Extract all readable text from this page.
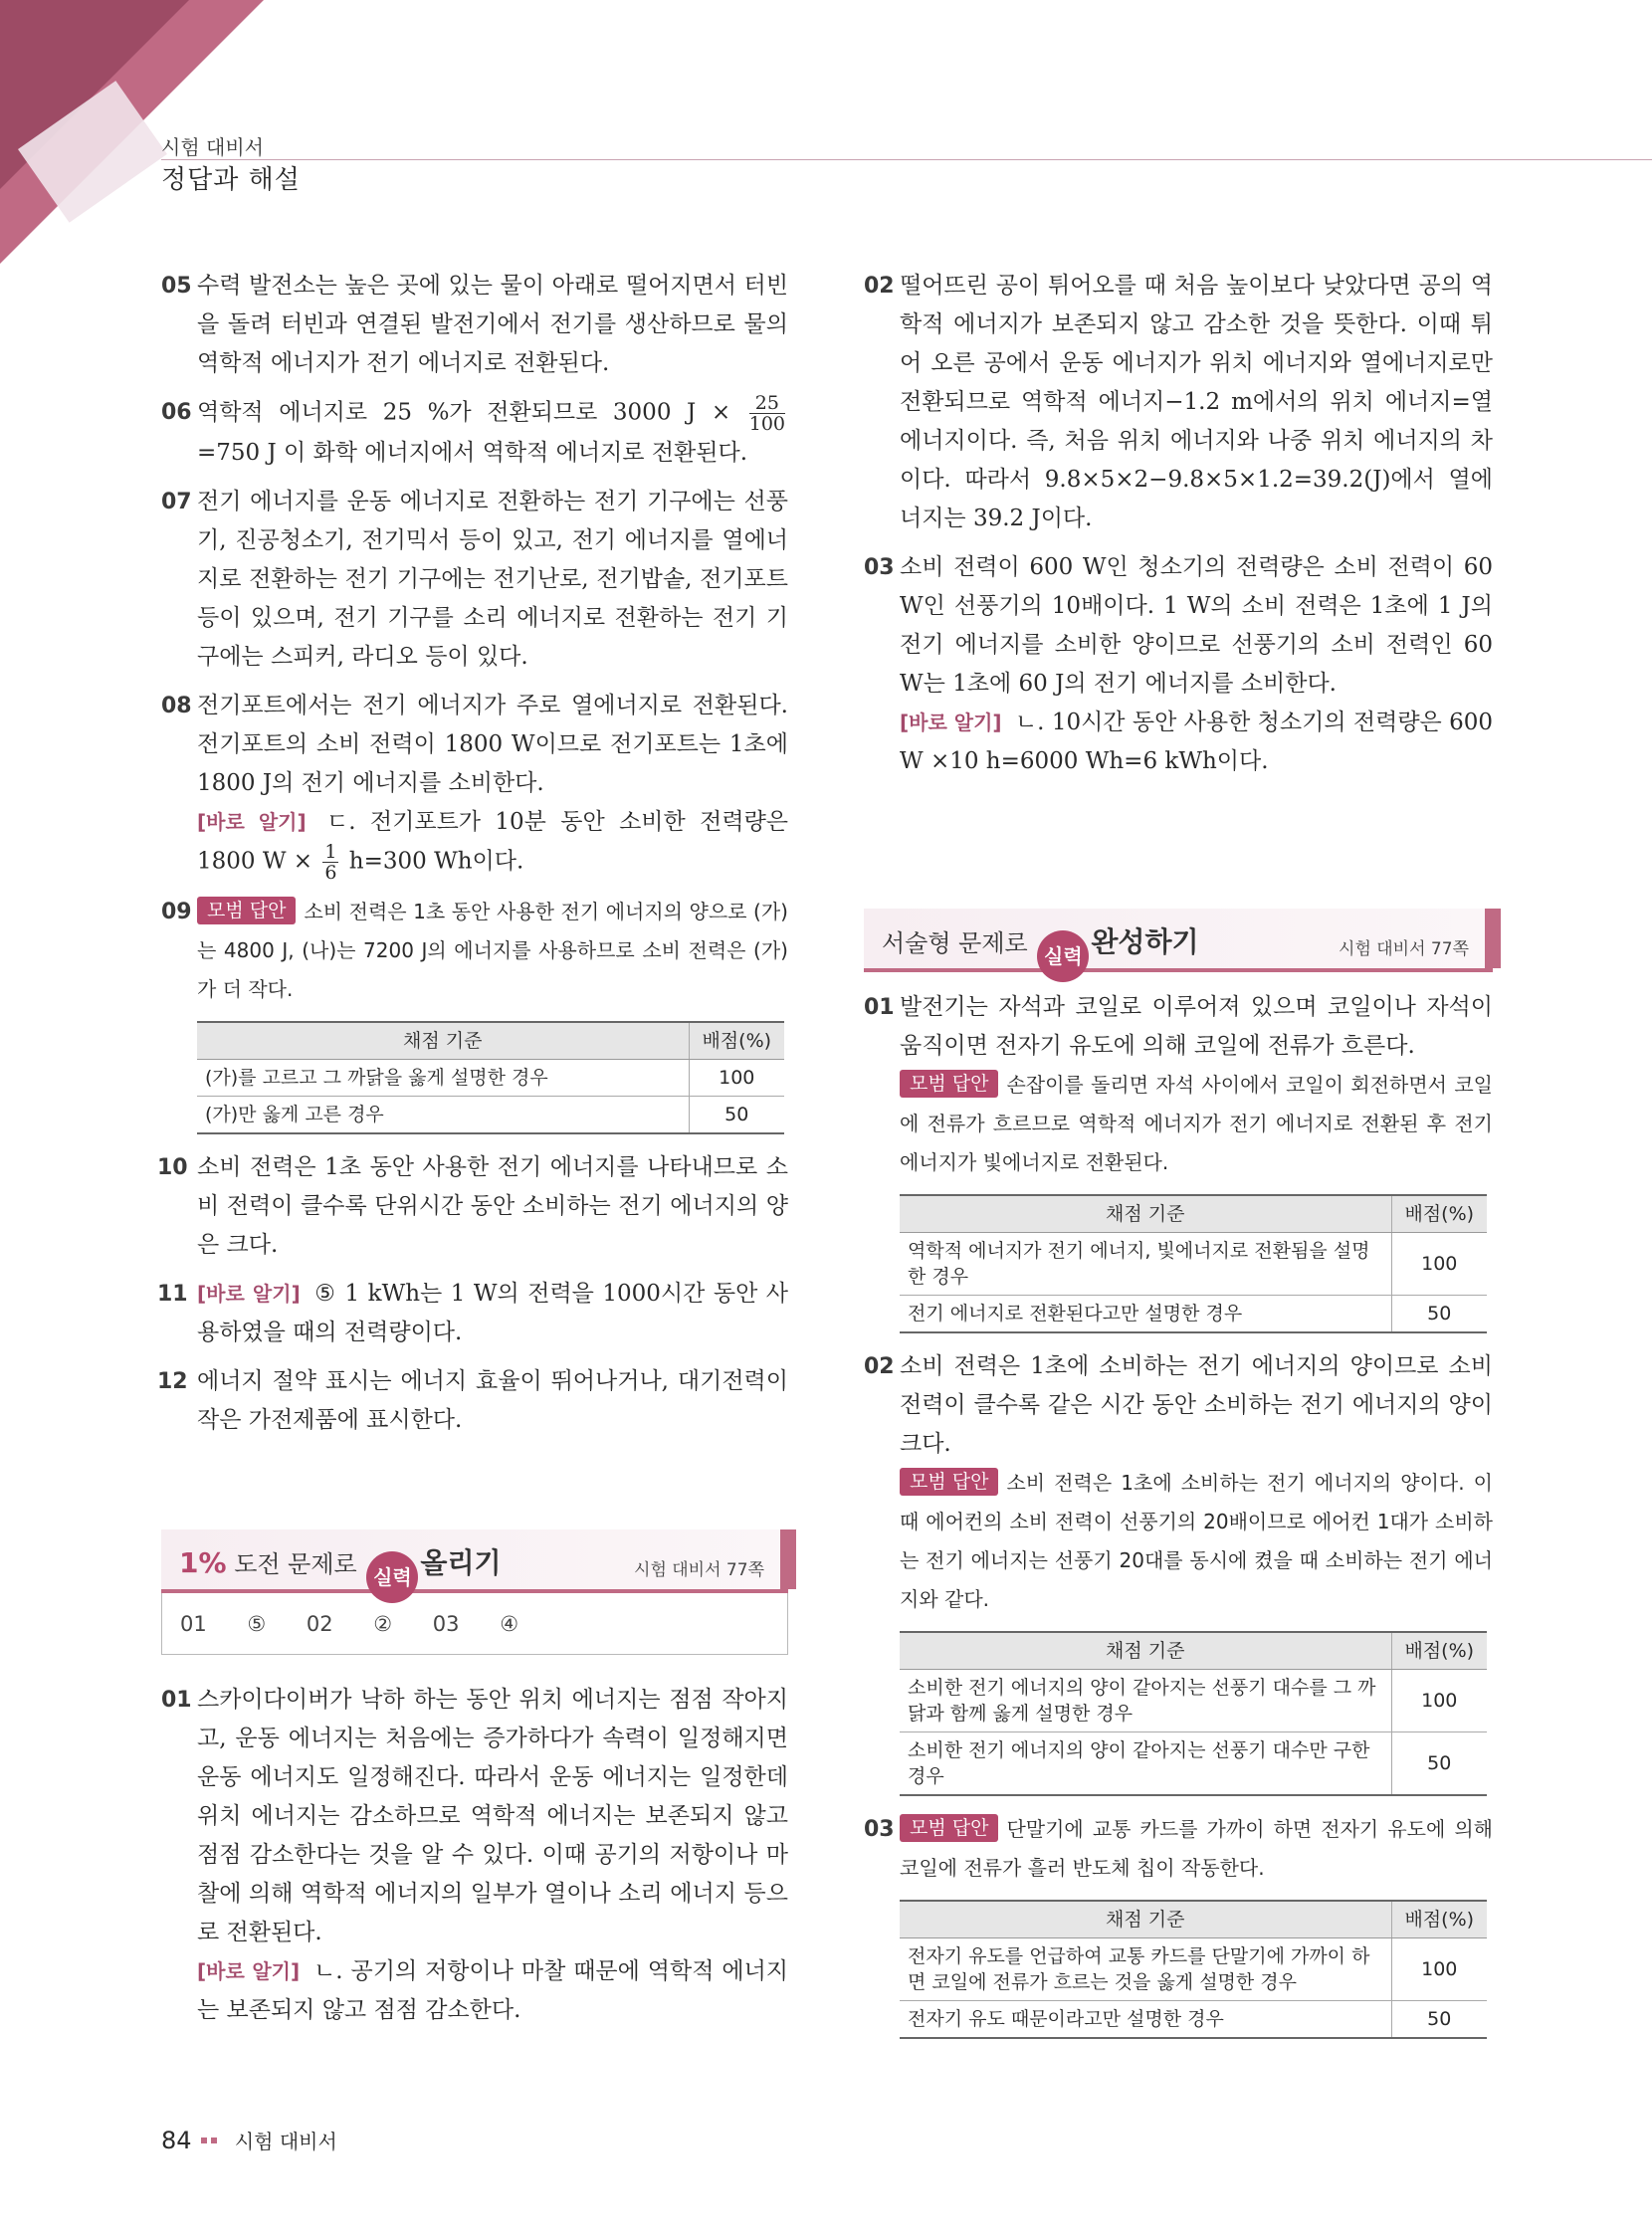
시험 대비서
정답과 해설
05 수력 발전소는 높은 곳에 있는 물이 아래로 떨어지면서 터빈을 돌려 터빈과 연결된 발전기에서 전기를 생산하므로 물의 역학적 에너지가 전기 에너지로 전환된다.
06 역학적 에너지로 25 %가 전환되므로 3000 $J \times \frac{25}{100}$
=750 J 이 화학 에너지에서 역학적 에너지로 전환된다.
07 전기 에너지를 운동 에너지로 전환하는 전기 기구에는 선풍기, 진공청소기, 전기믹서 등이 있고, 전기 에너지를 열에너지로 전환하는 전기 기구에는 전기난로, 전기밥솥, 전기포트 등이 있으며, 전기 기구를 소리 에너지로 전환하는 전기 기구에는 스피커, 라디오 등이 있다.
08 전기포트에서는 전기 에너지가 주로 열에너지로 전환된다. 전기포트의 소비 전력이 1800 W이므로 전기포트는 1초에 1800 J의 전기 에너지를 소비한다.
[바로 알기] ㄷ. 전기포트가 10분 동안 소비한 전력량은 1800 $W \times \frac{1}{6} h=300$ Wh이다.
09 모범 답안 소비 전력은 1초 동안 사용한 전기 에너지의 양으로 (가)는 4800 J, (나)는 7200 J의 에너지를 사용하므로 소비 전력은 (가)가 더 작다.
채점 기준	배점(%)
(가)를 고르고 그 까닭을 옳게 설명한 경우	100
(가)만 옳게 고른 경우	50
10 소비 전력은 1초 동안 사용한 전기 에너지를 나타내므로 소비 전력이 클수록 단위시간 동안 소비하는 전기 에너지의 양은 크다.
11 [바로 알기] ⑤ 1 kWh는 1 W의 전력을 1000시간 동안 사용하였을 때의 전력량이다.
12 에너지 절약 표시는 에너지 효율이 뛰어나거나, 대기전력이 작은 가전제품에 표시한다.
1% 도전 문제로 실력 올리기	시험 대비서 77쪽
01 ⑤ 02 ② 03 ④
01 스카이다이버가 낙하 하는 동안 위치 에너지는 점점 작아지고, 운동 에너지는 처음에는 증가하다가 속력이 일정해지면 운동 에너지도 일정해진다. 따라서 운동 에너지는 일정한데 위치 에너지는 감소하므로 역학적 에너지는 보존되지 않고 점점 감소한다는 것을 알 수 있다. 이때 공기의 저항이나 마찰에 의해 역학적 에너지의 일부가 열이나 소리 에너지 등으로 전환된다.
[바로 알기] ㄴ. 공기의 저항이나 마찰 때문에 역학적 에너지는 보존되지 않고 점점 감소한다.
02 떨어뜨린 공이 튀어오를 때 처음 높이보다 낮았다면 공의 역학적 에너지가 보존되지 않고 감소한 것을 뜻한다. 이때 튀어 오른 공에서 운동 에너지가 위치 에너지와 열에너지로만 전환되므로 역학적 에너지−1.2 m에서의 위치 에너지=열에너지이다. 즉, 처음 위치 에너지와 나중 위치 에너지의 차이다. 따라서 9.8×5×2−9.8×5×1.2=39.2(J)에서 열에너지는 39.2 J이다.
03 소비 전력이 600 W인 청소기의 전력량은 소비 전력이 60 W인 선풍기의 10배이다. 1 W의 소비 전력은 1초에 1 J의 전기 에너지를 소비한 양이므로 선풍기의 소비 전력인 60 W는 1초에 60 J의 전기 에너지를 소비한다.
[바로 알기] ㄴ. 10시간 동안 사용한 청소기의 전력량은 600 W ×10 h=6000 Wh=6 kWh이다.
서술형 문제로 실력 완성하기	시험 대비서 77쪽
01 발전기는 자석과 코일로 이루어져 있으며 코일이나 자석이 움직이면 전자기 유도에 의해 코일에 전류가 흐른다.
모범 답안 손잡이를 돌리면 자석 사이에서 코일이 회전하면서 코일에 전류가 흐르므로 역학적 에너지가 전기 에너지로 전환된 후 전기 에너지가 빛에너지로 전환된다.
채점 기준	배점(%)
역학적 에너지가 전기 에너지, 빛에너지로 전환됨을 설명한 경우	100
전기 에너지로 전환된다고만 설명한 경우	50
02 소비 전력은 1초에 소비하는 전기 에너지의 양이므로 소비 전력이 클수록 같은 시간 동안 소비하는 전기 에너지의 양이 크다.
모범 답안 소비 전력은 1초에 소비하는 전기 에너지의 양이다. 이때 에어컨의 소비 전력이 선풍기의 20배이므로 에어컨 1대가 소비하는 전기 에너지는 선풍기 20대를 동시에 켰을 때 소비하는 전기 에너지와 같다.
채점 기준	배점(%)
소비한 전기 에너지의 양이 같아지는 선풍기 대수를 그 까닭과 함께 옳게 설명한 경우	100
소비한 전기 에너지의 양이 같아지는 선풍기 대수만 구한 경우	50
03 모범 답안 단말기에 교통 카드를 가까이 하면 전자기 유도에 의해 코일에 전류가 흘러 반도체 칩이 작동한다.
채점 기준	배점(%)
전자기 유도를 언급하여 교통 카드를 단말기에 가까이 하면 코일에 전류가 흐르는 것을 옳게 설명한 경우	100
전자기 유도 때문이라고만 설명한 경우	50
84 시험 대비서
